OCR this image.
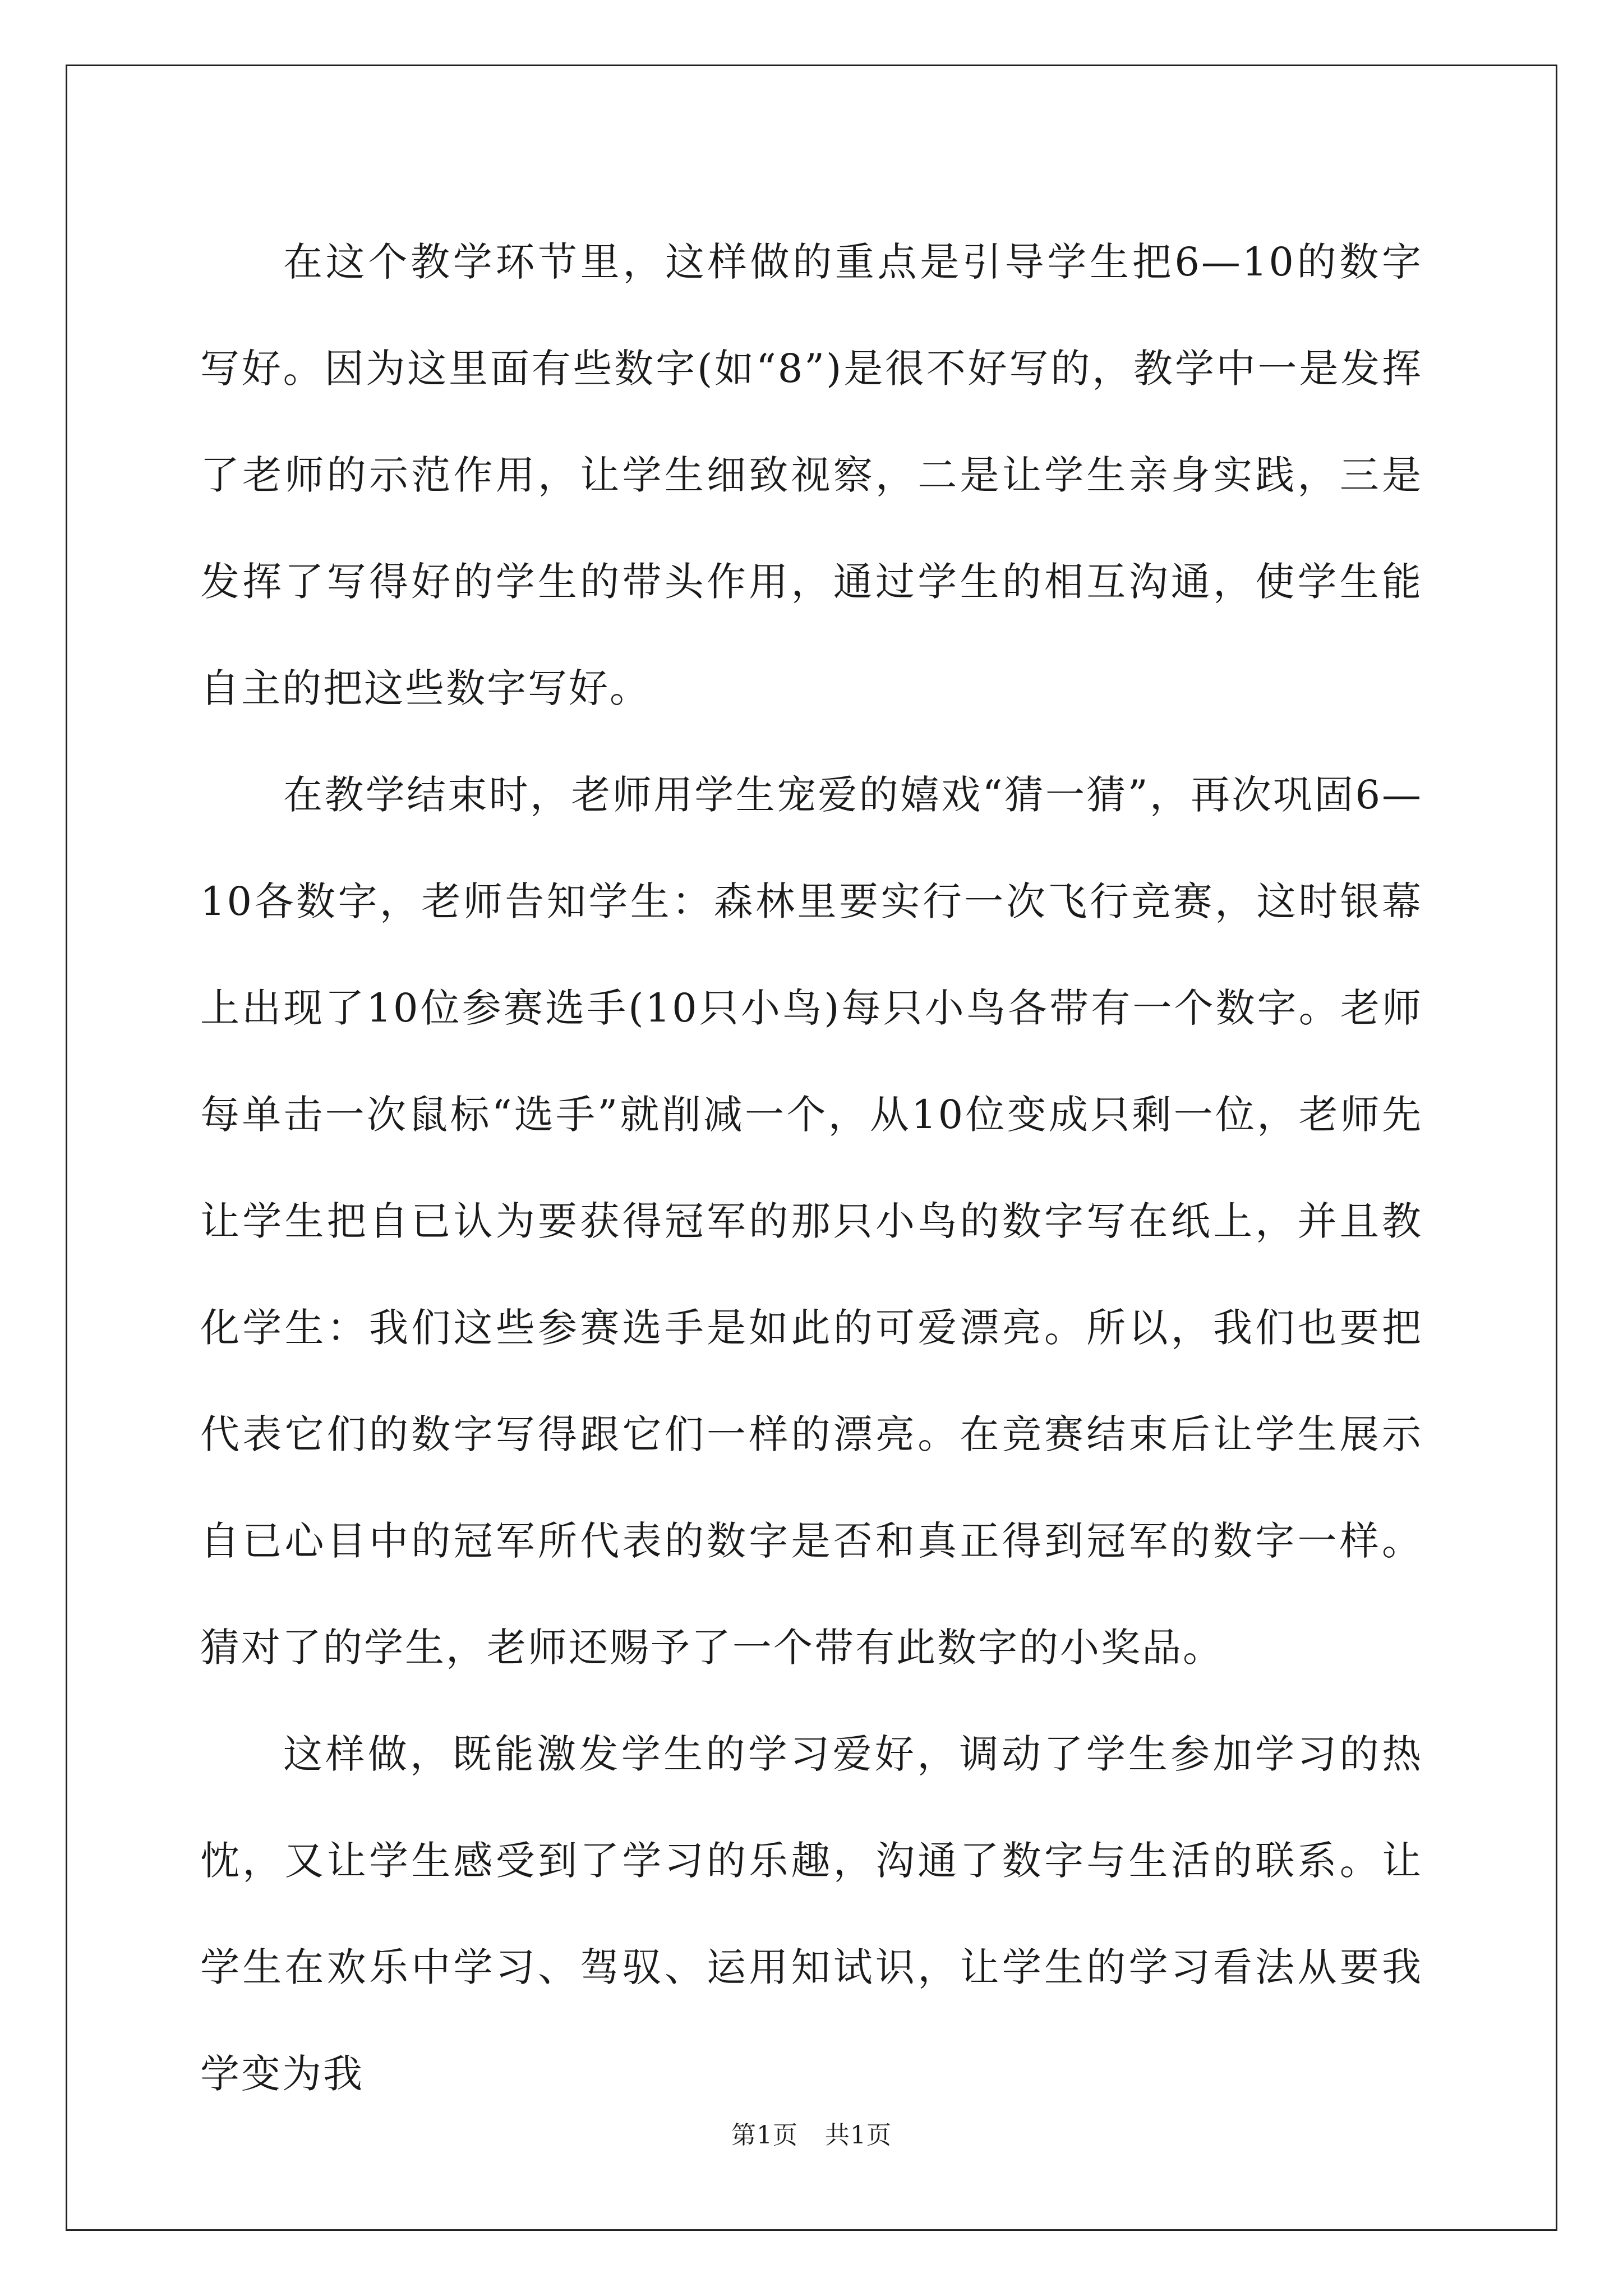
在这个教学环节里，这样做的重点是引导学生把6—10的数字写好。因为这里面有些数字(如“8”)是很不好写的，教学中一是发挥了老师的示范作用，让学生细致视察，二是让学生亲身实践，三是发挥了写得好的学生的带头作用，通过学生的相互沟通，使学生能自主的把这些数字写好。

在教学结束时，老师用学生宠爱的嬉戏“猜一猜”，再次巩固6—10各数字，老师告知学生：森林里要实行一次飞行竞赛，这时银幕上出现了10位参赛选手(10只小鸟)每只小鸟各带有一个数字。老师每单击一次鼠标“选手”就削减一个，从10位变成只剩一位，老师先让学生把自已认为要获得冠军的那只小鸟的数字写在纸上，并且教化学生：我们这些参赛选手是如此的可爱漂亮。所以，我们也要把代表它们的数字写得跟它们一样的漂亮。在竞赛结束后让学生展示自已心目中的冠军所代表的数字是否和真正得到冠军的数字一样。猜对了的学生，老师还赐予了一个带有此数字的小奖品。

这样做，既能激发学生的学习爱好，调动了学生参加学习的热忱，又让学生感受到了学习的乐趣，沟通了数字与生活的联系。让学生在欢乐中学习、驾驭、运用知试识，让学生的学习看法从要我学变为我

第1页 共1页
